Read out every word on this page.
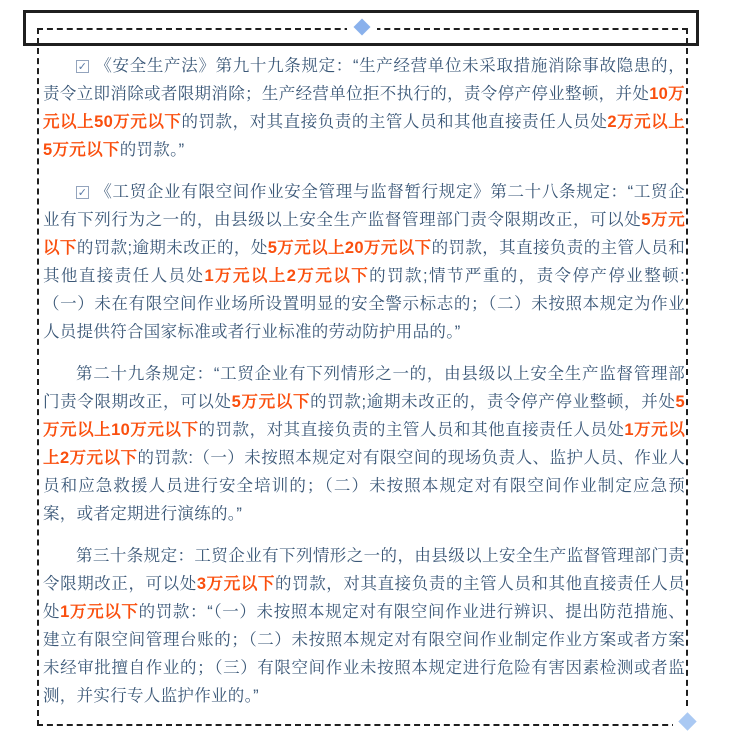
✓ 《安全生产法》第九十九条规定：“生产经营单位未采取措施消除事故隐患的，责令立即消除或者限期消除；生产经营单位拒不执行的，责令停产停业整顿，并处10万元以上50万元以下的罚款，对其直接负责的主管人员和其他直接责任人员处2万元以上5万元以下的罚款。”

✓ 《工贸企业有限空间作业安全管理与监督暂行规定》第二十八条规定：“工贸企业有下列行为之一的，由县级以上安全生产监督管理部门责令限期改正，可以处5万元以下的罚款;逾期未改正的，处5万元以上20万元以下的罚款，其直接负责的主管人员和其他直接责任人员处1万元以上2万元以下的罚款;情节严重的，责令停产停业整顿:（一）未在有限空间作业场所设置明显的安全警示标志的；（二）未按照本规定为作业人员提供符合国家标准或者行业标准的劳动防护用品的。”

第二十九条规定：“工贸企业有下列情形之一的，由县级以上安全生产监督管理部门责令限期改正，可以处5万元以下的罚款;逾期未改正的，责令停产停业整顿，并处5万元以上10万元以下的罚款，对其直接负责的主管人员和其他直接责任人员处1万元以上2万元以下的罚款:（一）未按照本规定对有限空间的现场负责人、监护人员、作业人员和应急救援人员进行安全培训的；（二）未按照本规定对有限空间作业制定应急预案，或者定期进行演练的。”

第三十条规定：工贸企业有下列情形之一的，由县级以上安全生产监督管理部门责令限期改正，可以处3万元以下的罚款，对其直接负责的主管人员和其他直接责任人员处1万元以下的罚款：“（一）未按照本规定对有限空间作业进行辨识、提出防范措施、建立有限空间管理台账的；（二）未按照本规定对有限空间作业制定作业方案或者方案未经审批擅自作业的；（三）有限空间作业未按照本规定进行危险有害因素检测或者监测，并实行专人监护作业的。”
